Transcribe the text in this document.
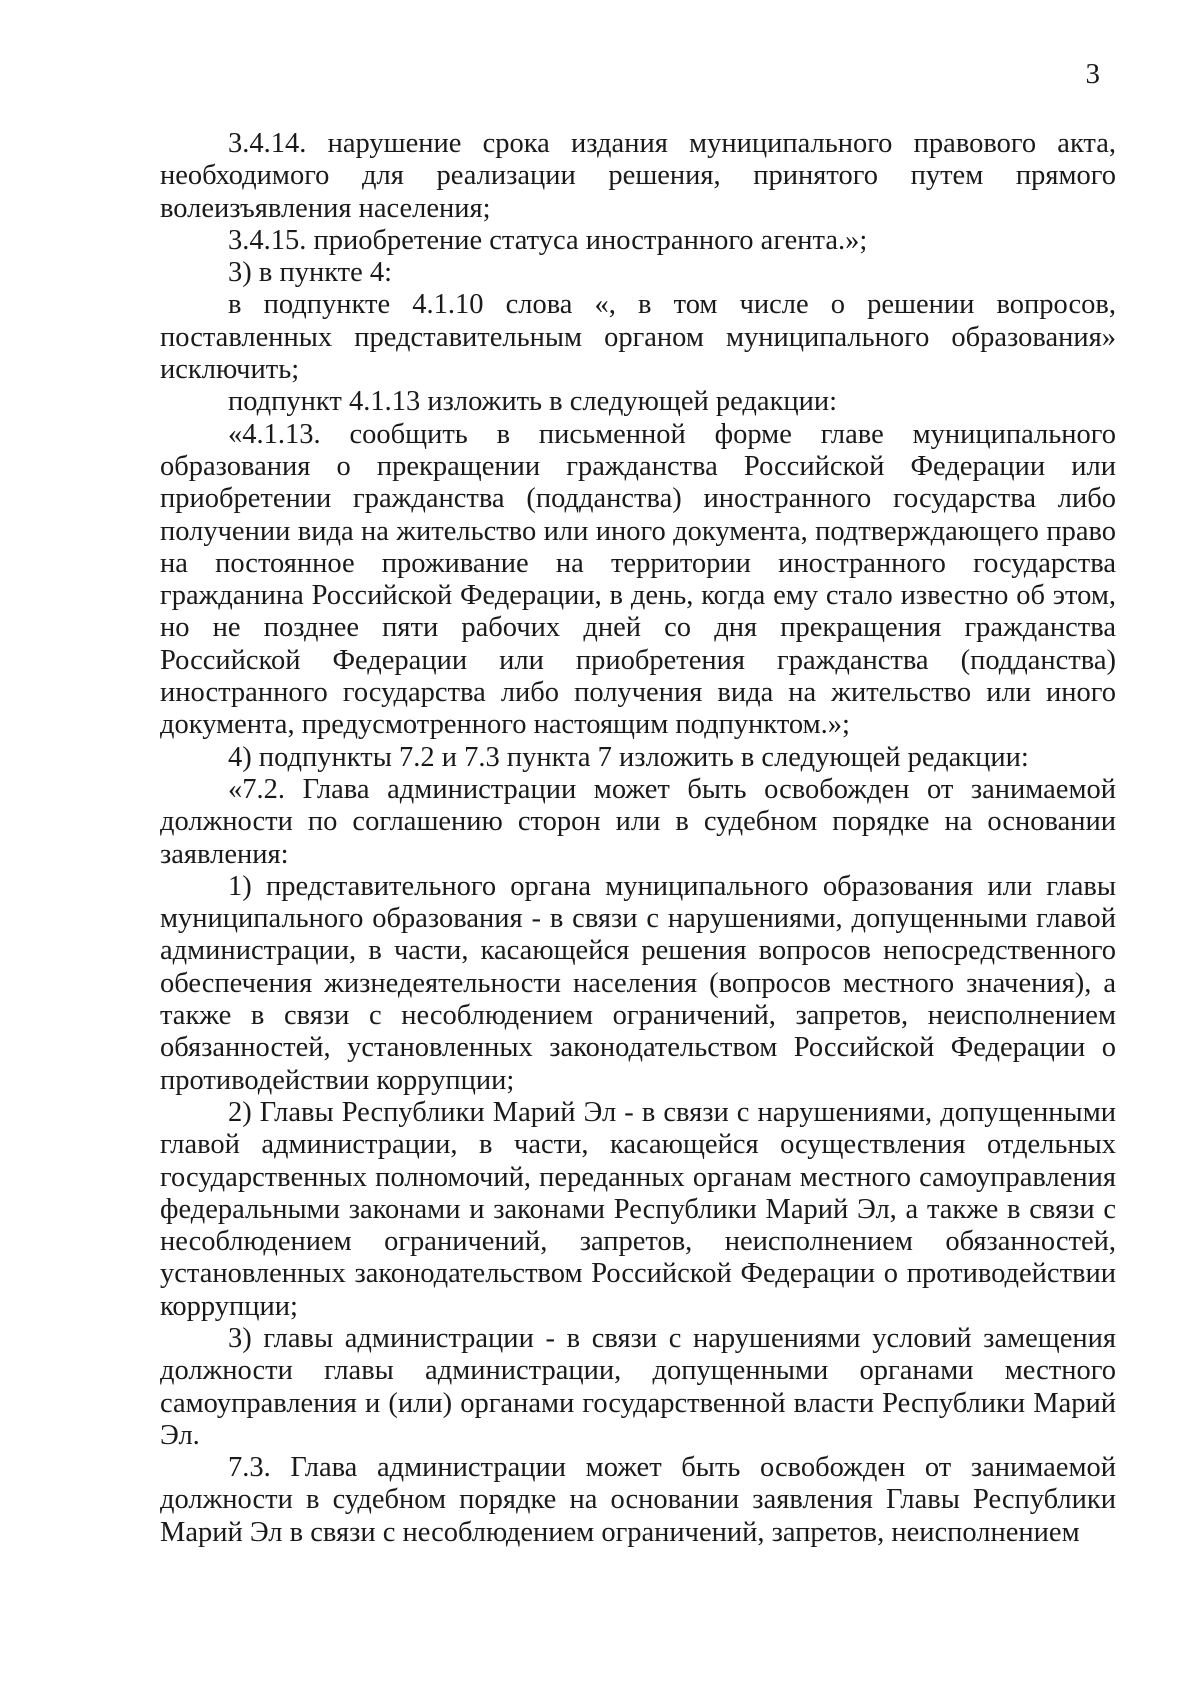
3

3.4.14. нарушение срока издания муниципального правового акта, необходимого для реализации решения, принятого путем прямого волеизъявления населения;

3.4.15. приобретение статуса иностранного агента.»;

3) в пункте 4:

в подпункте 4.1.10 слова «, в том числе о решении вопросов, поставленных представительным органом муниципального образования» исключить;

подпункт 4.1.13 изложить в следующей редакции:

«4.1.13. сообщить в письменной форме главе муниципального образования о прекращении гражданства Российской Федерации или приобретении гражданства (подданства) иностранного государства либо получении вида на жительство или иного документа, подтверждающего право на постоянное проживание на территории иностранного государства гражданина Российской Федерации, в день, когда ему стало известно об этом, но не позднее пяти рабочих дней со дня прекращения гражданства Российской Федерации или приобретения гражданства (подданства) иностранного государства либо получения вида на жительство или иного документа, предусмотренного настоящим подпунктом.»;

4) подпункты 7.2 и 7.3 пункта 7 изложить в следующей редакции:

«7.2. Глава администрации может быть освобожден от занимаемой должности по соглашению сторон или в судебном порядке на основании заявления:

1) представительного органа муниципального образования или главы муниципального образования - в связи с нарушениями, допущенными главой администрации, в части, касающейся решения вопросов непосредственного обеспечения жизнедеятельности населения (вопросов местного значения), а также в связи с несоблюдением ограничений, запретов, неисполнением обязанностей, установленных законодательством Российской Федерации о противодействии коррупции;

2) Главы Республики Марий Эл - в связи с нарушениями, допущенными главой администрации, в части, касающейся осуществления отдельных государственных полномочий, переданных органам местного самоуправления федеральными законами и законами Республики Марий Эл, а также в связи с несоблюдением ограничений, запретов, неисполнением обязанностей, установленных законодательством Российской Федерации о противодействии коррупции;

3) главы администрации - в связи с нарушениями условий замещения должности главы администрации, допущенными органами местного самоуправления и (или) органами государственной власти Республики Марий Эл.

7.3. Глава администрации может быть освобожден от занимаемой должности в судебном порядке на основании заявления Главы Республики Марий Эл в связи с несоблюдением ограничений, запретов, неисполнением
